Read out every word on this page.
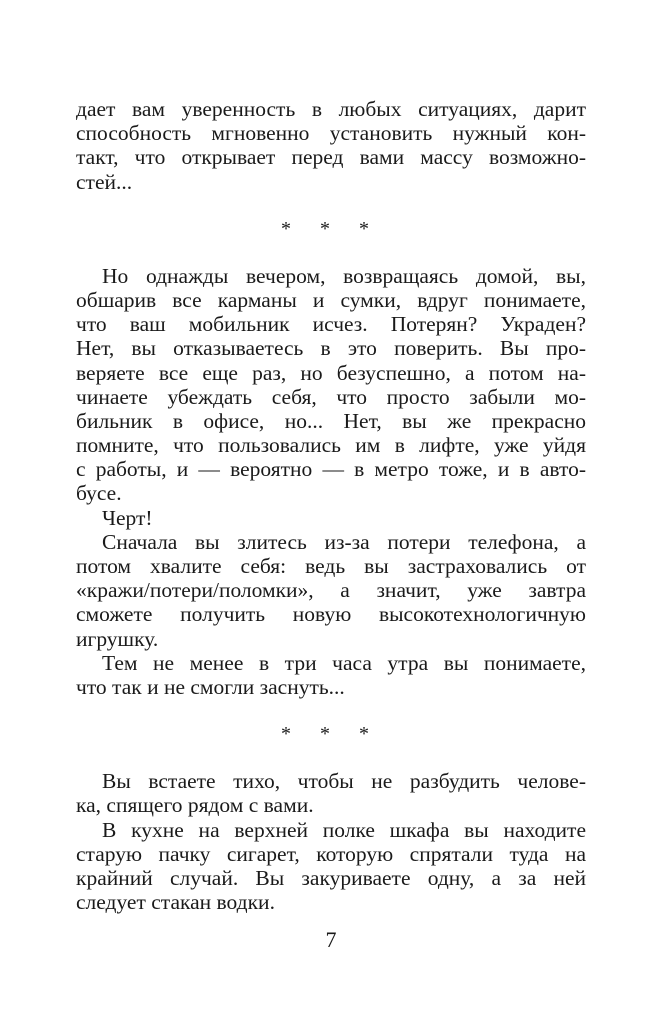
дает вам уверенность в любых ситуациях, дарит
способность мгновенно установить нужный кон-
такт, что открывает перед вами массу возможно-
стей...
* * *
Но однажды вечером, возвращаясь домой, вы,
обшарив все карманы и сумки, вдруг понимаете,
что ваш мобильник исчез. Потерян? Украден?
Нет, вы отказываетесь в это поверить. Вы про-
веряете все еще раз, но безуспешно, а потом на-
чинаете убеждать себя, что просто забыли мо-
бильник в офисе, но... Нет, вы же прекрасно
помните, что пользовались им в лифте, уже уйдя
с работы, и — вероятно — в метро тоже, и в авто-
бусе.
Черт!
Сначала вы злитесь из-за потери телефона, а
потом хвалите себя: ведь вы застраховались от
«кражи/потери/поломки», а значит, уже завтра
сможете получить новую высокотехнологичную
игрушку.
Тем не менее в три часа утра вы понимаете,
что так и не смогли заснуть...
* * *
Вы встаете тихо, чтобы не разбудить челове-
ка, спящего рядом с вами.
В кухне на верхней полке шкафа вы находите
старую пачку сигарет, которую спрятали туда на
крайний случай. Вы закуриваете одну, а за ней
следует стакан водки.
7
